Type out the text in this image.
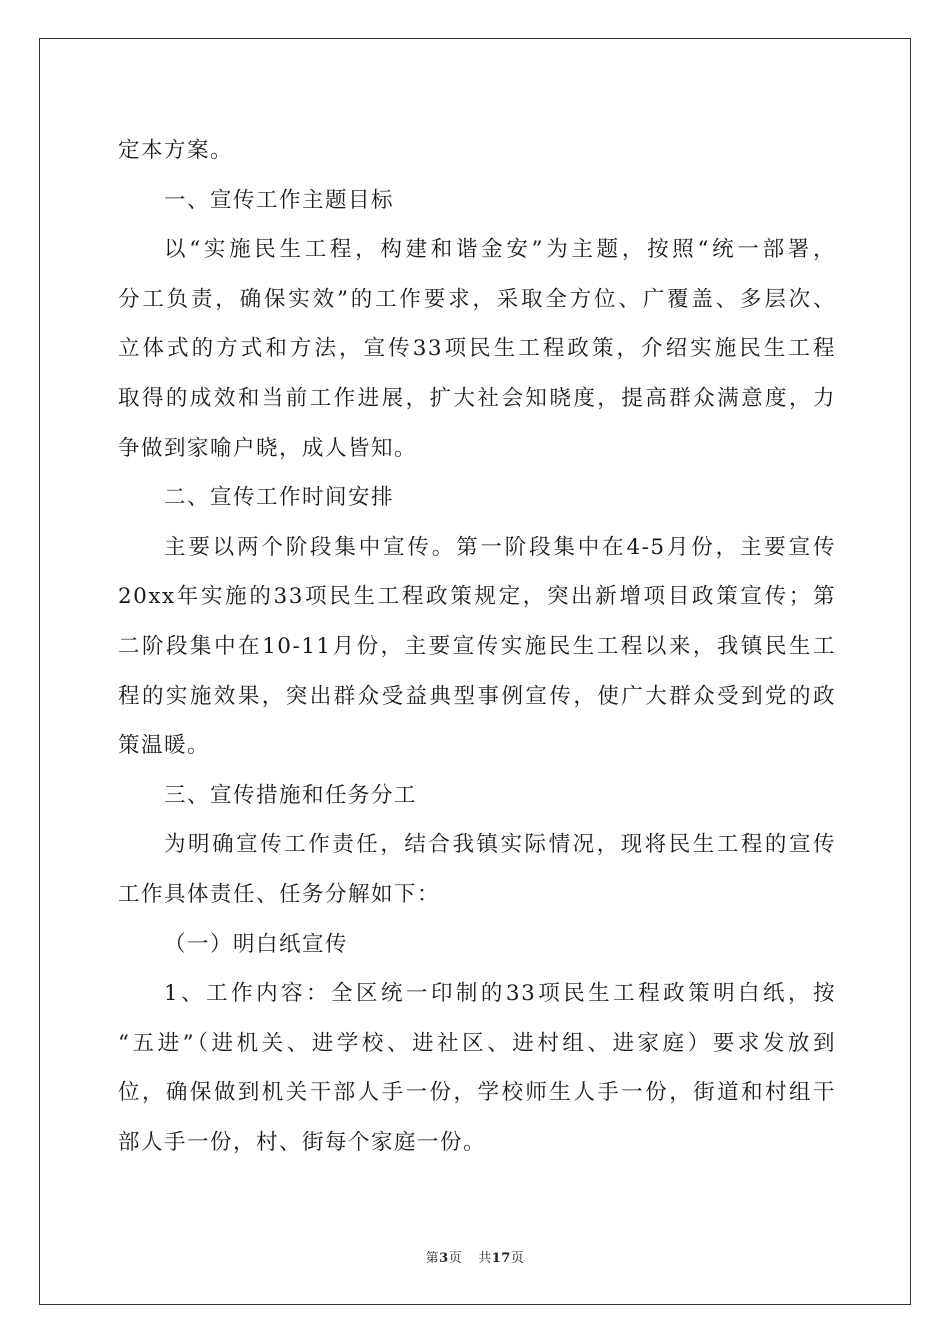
定本方案。
一、宣传工作主题目标
以“实施民生工程，构建和谐金安”为主题，按照“统一部署，
分工负责，确保实效”的工作要求，采取全方位、广覆盖、多层次、
立体式的方式和方法，宣传33项民生工程政策，介绍实施民生工程
取得的成效和当前工作进展，扩大社会知晓度，提高群众满意度，力
争做到家喻户晓，成人皆知。
二、宣传工作时间安排
主要以两个阶段集中宣传。第一阶段集中在4-5月份，主要宣传
20xx年实施的33项民生工程政策规定，突出新增项目政策宣传；第
二阶段集中在10-11月份，主要宣传实施民生工程以来，我镇民生工
程的实施效果，突出群众受益典型事例宣传，使广大群众受到党的政
策温暖。
三、宣传措施和任务分工
为明确宣传工作责任，结合我镇实际情况，现将民生工程的宣传
工作具体责任、任务分解如下：
（一）明白纸宣传
1、工作内容：全区统一印制的33项民生工程政策明白纸，按
“五进”（进机关、进学校、进社区、进村组、进家庭）要求发放到
位，确保做到机关干部人手一份，学校师生人手一份，街道和村组干
部人手一份，村、街每个家庭一份。
第3页 共17页
